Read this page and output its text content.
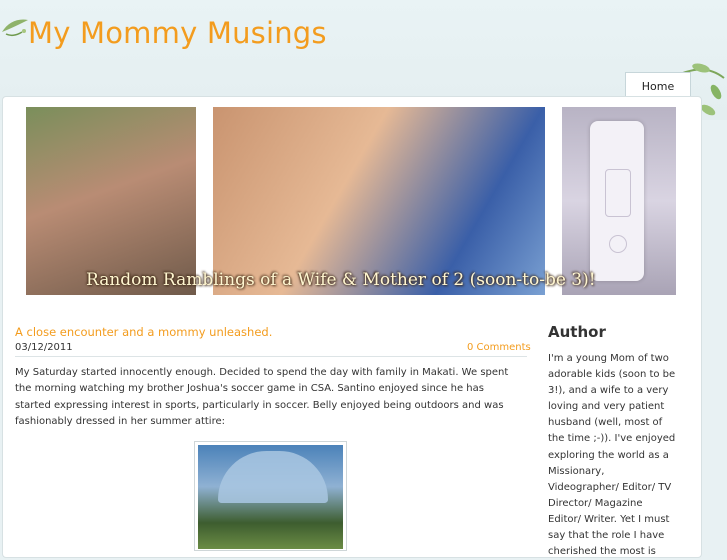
My Mommy Musings
Home
Random Ramblings of a Wife & Mother of 2 (soon-to-be 3)!
A close encounter and a mommy unleashed.
03/12/2011	0 Comments

My Saturday started innocently enough. Decided to spend the day with family in Makati. We spent the morning watching my brother Joshua's soccer game in CSA. Santino enjoyed since he has started expressing interest in sports, particularly in soccer. Belly enjoyed being outdoors and was fashionably dressed in her summer attire:

Author

I'm a young Mom of two adorable kids (soon to be 3!), and a wife to a very loving and very patient husband (well, most of the time ;-)). I've enjoyed exploring the world as a Missionary, Videographer/ Editor/ TV Director/ Magazine Editor/ Writer. Yet I must say that the role I have cherished the most is
